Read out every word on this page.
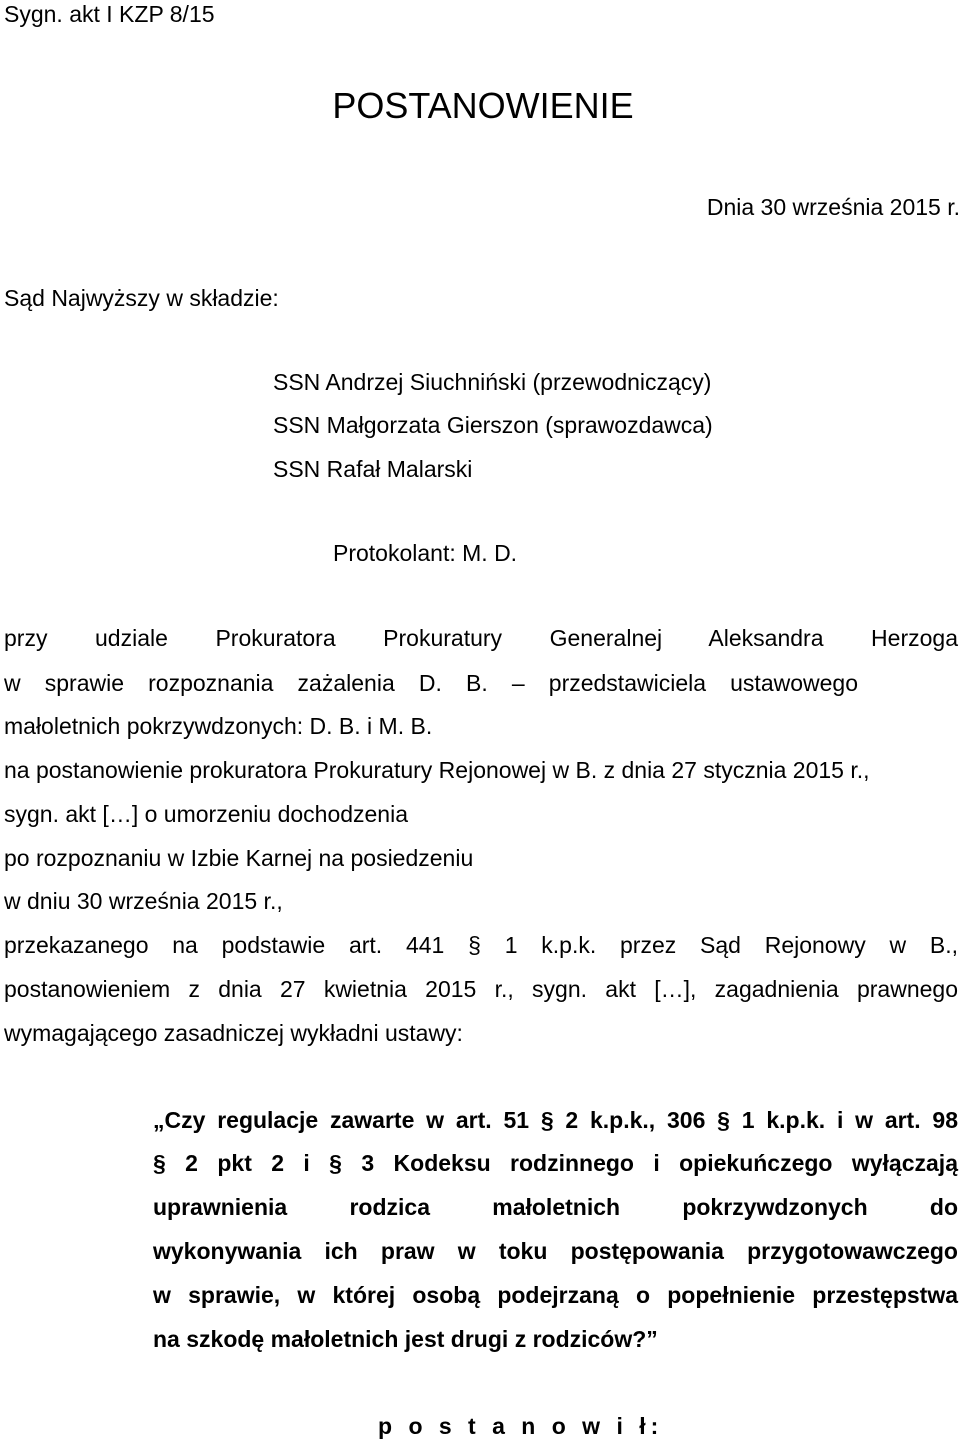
Sygn. akt I KZP 8/15
POSTANOWIENIE
Dnia 30 września 2015 r.
Sąd Najwyższy w składzie:
SSN Andrzej Siuchniński (przewodniczący)
SSN Małgorzata Gierszon (sprawozdawca)
SSN Rafał Malarski
Protokolant: M. D.
przy udziale Prokuratora Prokuratury Generalnej Aleksandra Herzoga
w sprawie rozpoznania zażalenia D. B. – przedstawiciela ustawowego
małoletnich pokrzywdzonych: D. B. i M. B.
na postanowienie prokuratora Prokuratury Rejonowej w B. z dnia 27 stycznia 2015 r.,
sygn. akt […] o umorzeniu dochodzenia
po rozpoznaniu w Izbie Karnej na posiedzeniu
w dniu 30 września 2015 r.,
przekazanego na podstawie art. 441 § 1 k.p.k. przez Sąd Rejonowy w B.,
postanowieniem z dnia 27 kwietnia 2015 r., sygn. akt […], zagadnienia prawnego
wymagającego zasadniczej wykładni ustawy:
„Czy regulacje zawarte w art. 51 § 2 k.p.k., 306 § 1 k.p.k. i w art. 98
§ 2 pkt 2 i § 3 Kodeksu rodzinnego i opiekuńczego wyłączają
uprawnienia rodzica małoletnich pokrzywdzonych do
wykonywania ich praw w toku postępowania przygotowawczego
w sprawie, w której osobą podejrzaną o popełnienie przestępstwa
na szkodę małoletnich jest drugi z rodziców?”
p o s t a n o w i ł:
